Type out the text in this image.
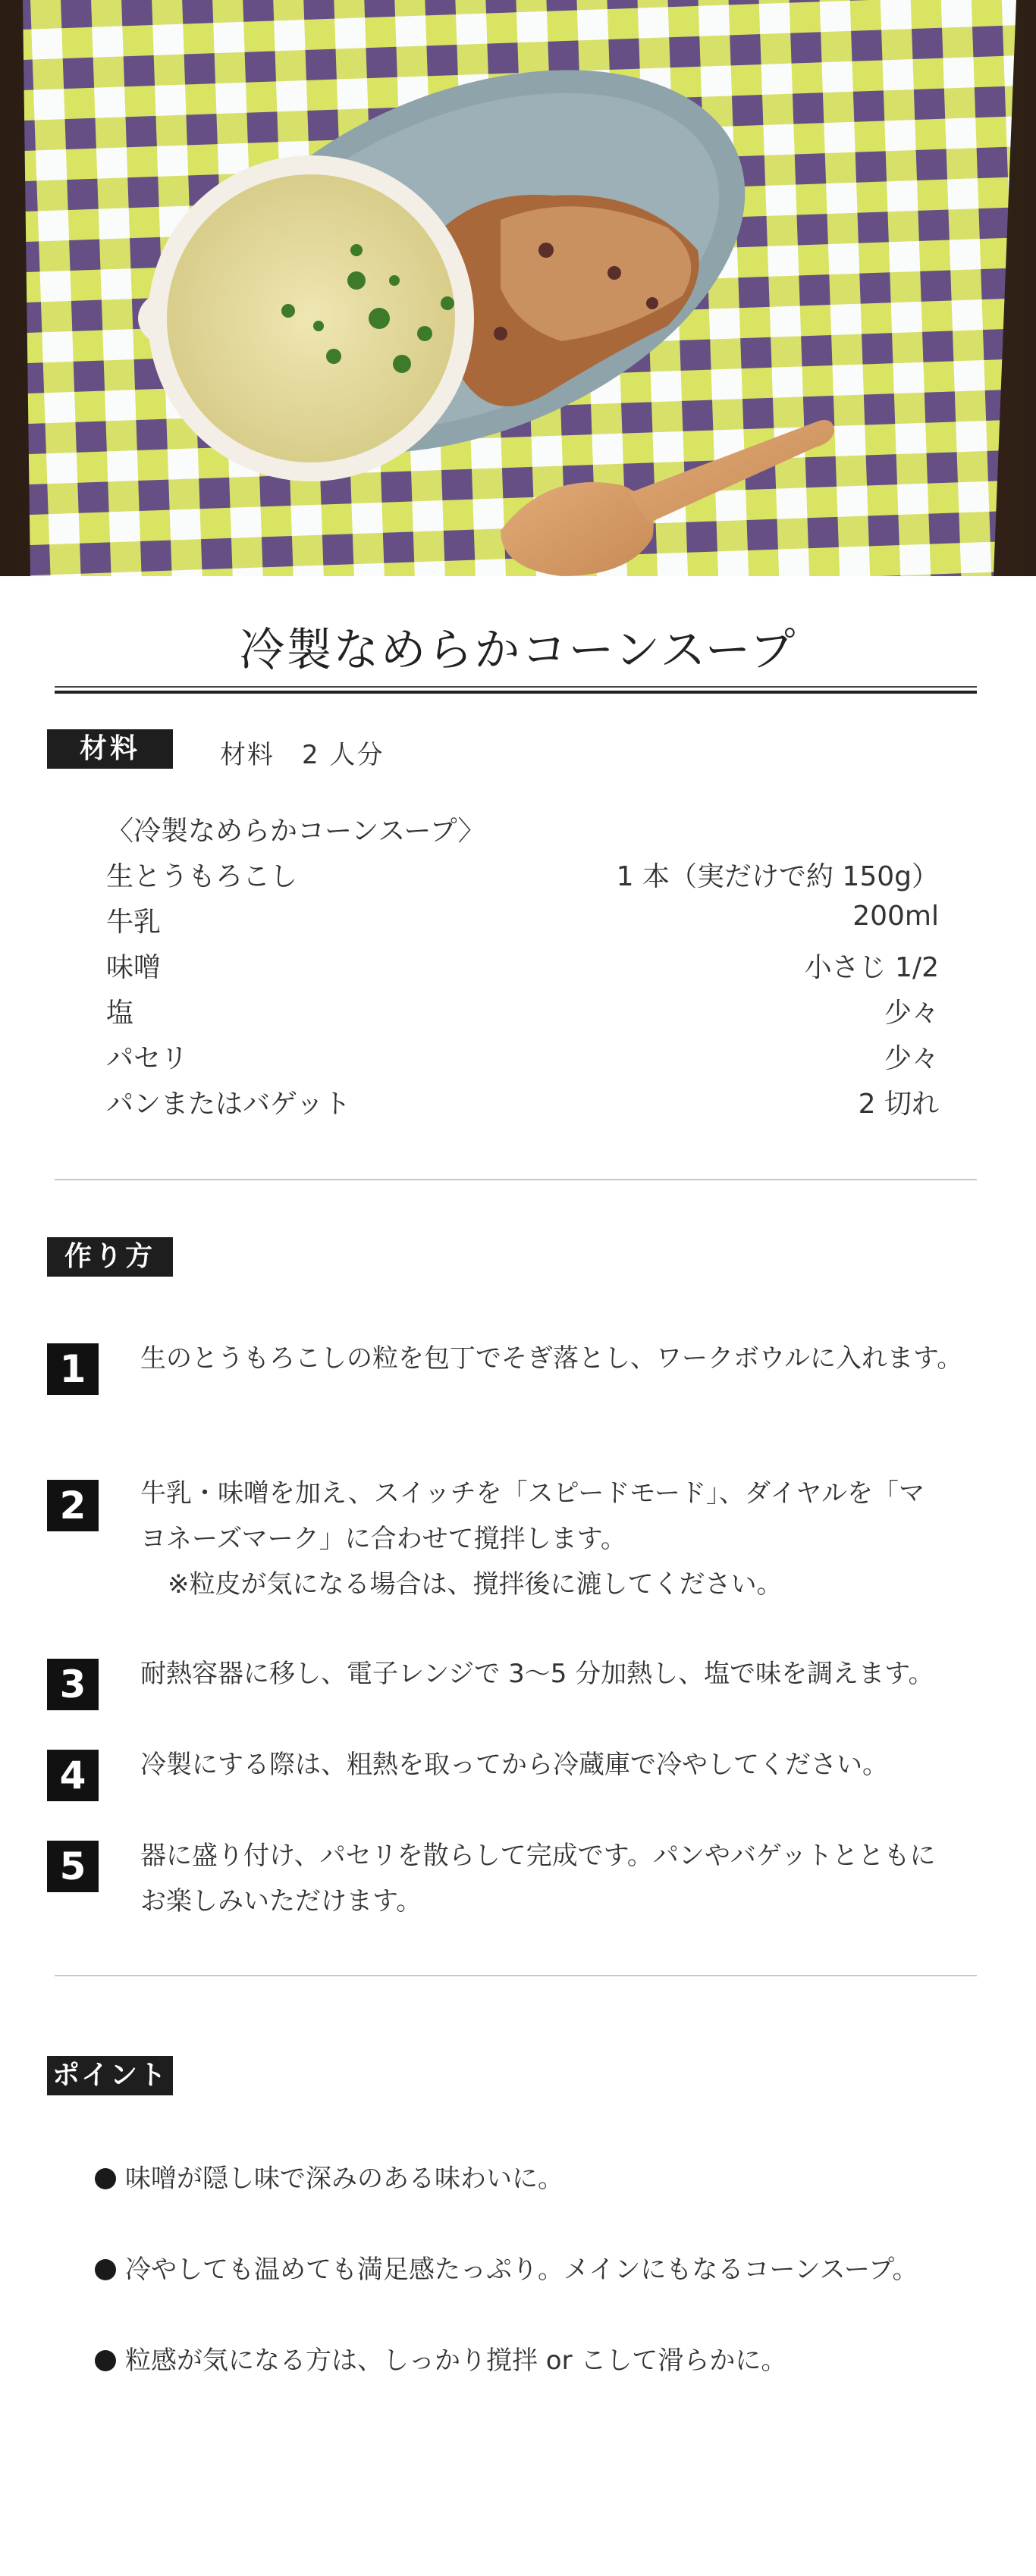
冷製なめらかコーンスープ
材料	材料　2 人分
〈冷製なめらかコーンスープ〉
生とうもろこし	1 本（実だけで約 150g）
牛乳	200ml
味噌	小さじ 1/2
塩	少々
パセリ	少々
パンまたはバゲット	2 切れ
作り方
1	生のとうもろこしの粒を包丁でそぎ落とし、ワークボウルに入れます。
2	牛乳・味噌を加え、スイッチを「スピードモード」、ダイヤルを「マ
ヨネーズマーク」に合わせて撹拌します。
※粒皮が気になる場合は、撹拌後に漉してください。
3	耐熱容器に移し、電子レンジで 3〜5 分加熱し、塩で味を調えます。
4	冷製にする際は、粗熱を取ってから冷蔵庫で冷やしてください。
5	器に盛り付け、パセリを散らして完成です。パンやバゲットとともに
お楽しみいただけます。
ポイント
味噌が隠し味で深みのある味わいに。
冷やしても温めても満足感たっぷり。メインにもなるコーンスープ。
粒感が気になる方は、しっかり撹拌 or こして滑らかに。
